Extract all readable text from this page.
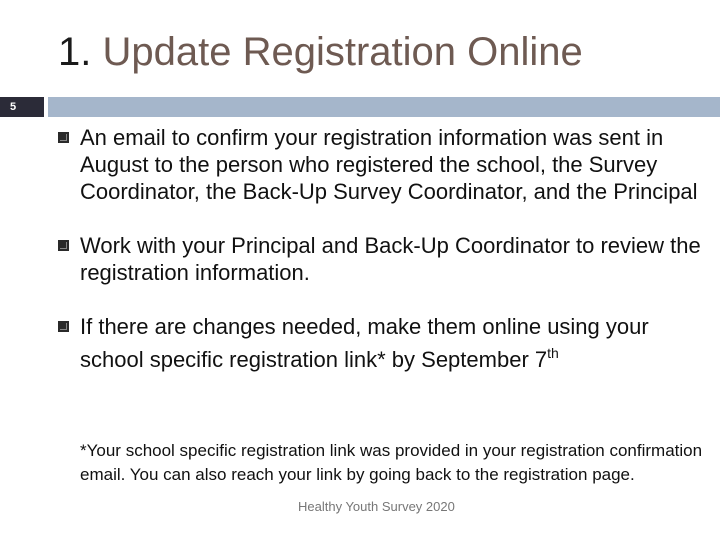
1. Update Registration Online
5
An email to confirm your registration information was sent in August to the person who registered the school, the Survey Coordinator, the Back-Up Survey Coordinator, and the Principal
Work with your Principal and Back-Up Coordinator to review the registration information.
If there are changes needed, make them online using your school specific registration link* by September 7th
*Your school specific registration link was provided in your registration confirmation email. You can also reach your link by going back to the registration page.
Healthy Youth Survey 2020
